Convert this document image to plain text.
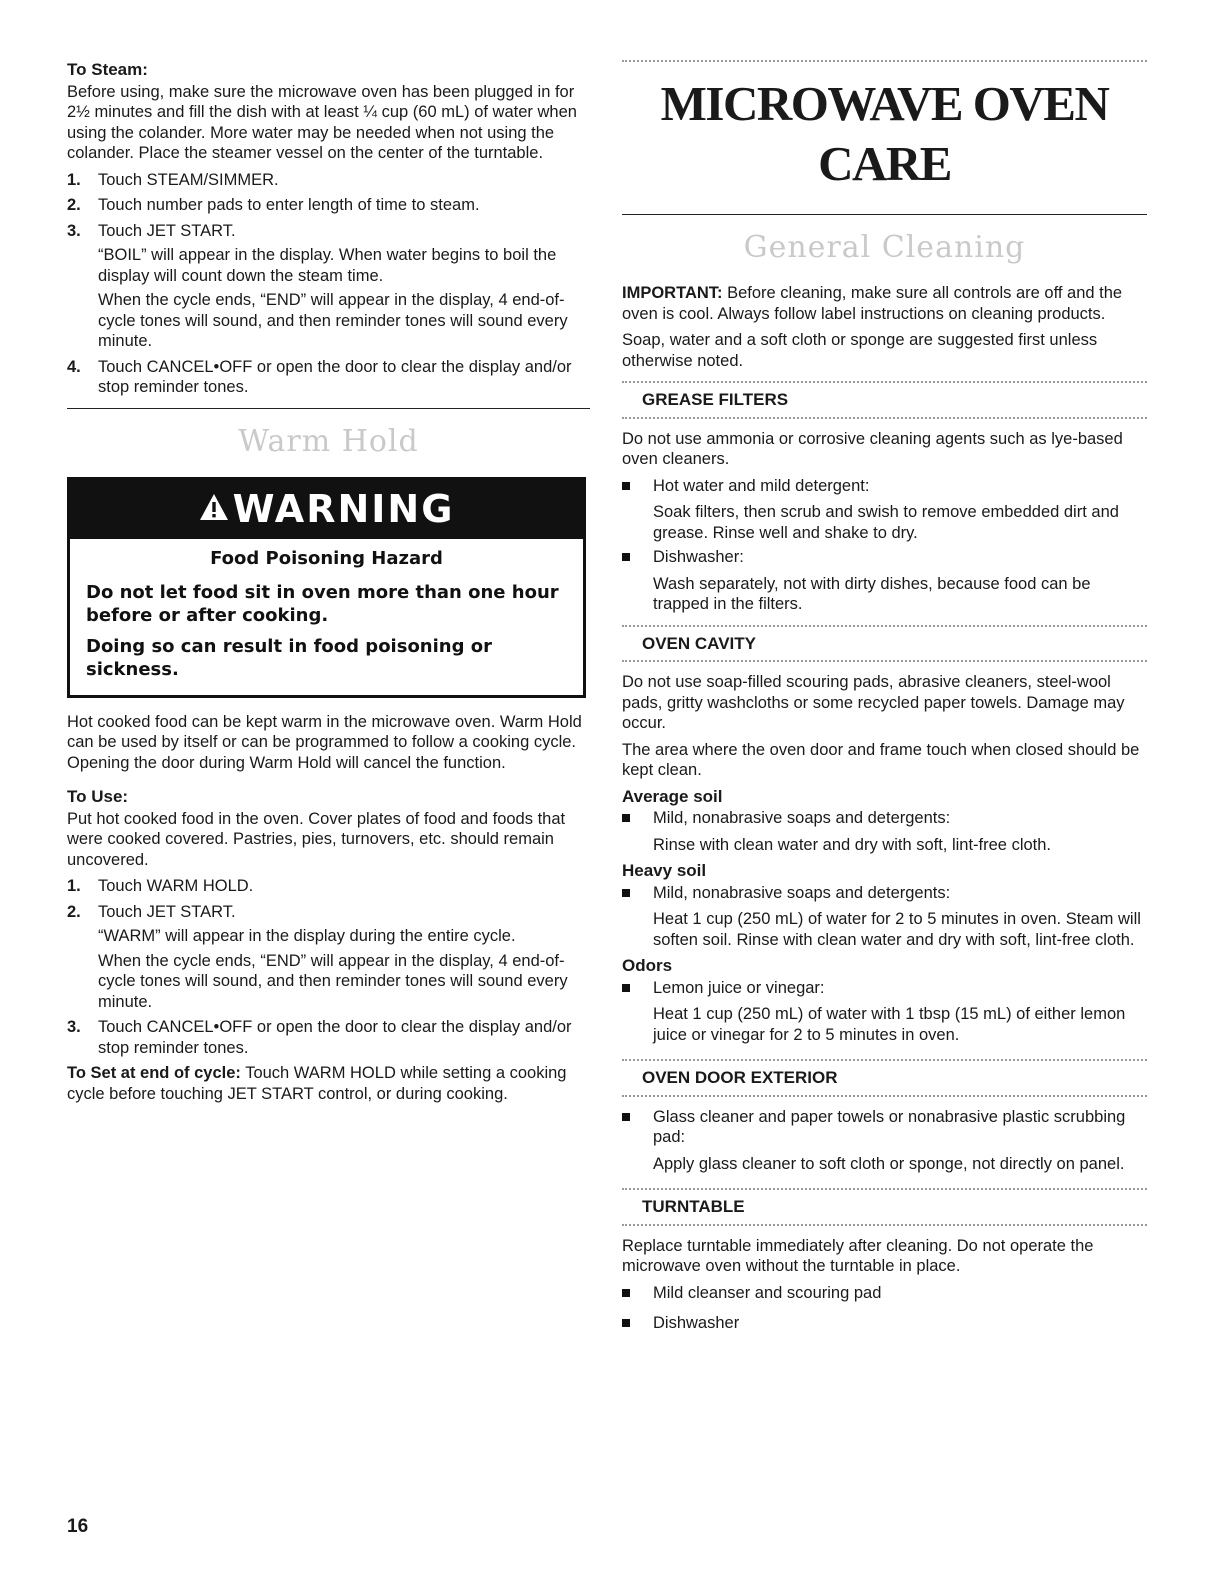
To Steam:

Before using, make sure the microwave oven has been plugged in for 2½ minutes and fill the dish with at least ¼ cup (60 mL) of water when using the colander. More water may be needed when not using the colander. Place the steamer vessel on the center of the turntable.

1.	Touch STEAM/SIMMER.
2.	Touch number pads to enter length of time to steam.
3.	Touch JET START.

“BOIL” will appear in the display. When water begins to boil the display will count down the steam time.

When the cycle ends, “END” will appear in the display, 4 end-of-cycle tones will sound, and then reminder tones will sound every minute.

4.	Touch CANCEL•OFF or open the door to clear the display and/or stop reminder tones.
Warm Hold
WARNING
Food Poisoning Hazard
Do not let food sit in oven more than one hour before or after cooking.
Doing so can result in food poisoning or sickness.

Hot cooked food can be kept warm in the microwave oven. Warm Hold can be used by itself or can be programmed to follow a cooking cycle. Opening the door during Warm Hold will cancel the function.

To Use:

Put hot cooked food in the oven. Cover plates of food and foods that were cooked covered. Pastries, pies, turnovers, etc. should remain uncovered.

1.	Touch WARM HOLD.
2.	Touch JET START.

“WARM” will appear in the display during the entire cycle.

When the cycle ends, “END” will appear in the display, 4 end-of-cycle tones will sound, and then reminder tones will sound every minute.

3.	Touch CANCEL•OFF or open the door to clear the display and/or stop reminder tones.

To Set at end of cycle: Touch WARM HOLD while setting a cooking cycle before touching JET START control, or during cooking.

MICROWAVE OVEN CARE
General Cleaning

IMPORTANT: Before cleaning, make sure all controls are off and the oven is cool. Always follow label instructions on cleaning products.

Soap, water and a soft cloth or sponge are suggested first unless otherwise noted.

GREASE FILTERS

Do not use ammonia or corrosive cleaning agents such as lye-based oven cleaners.

Hot water and mild detergent:

Soak filters, then scrub and swish to remove embedded dirt and grease. Rinse well and shake to dry.

Dishwasher:

Wash separately, not with dirty dishes, because food can be trapped in the filters.

OVEN CAVITY

Do not use soap-filled scouring pads, abrasive cleaners, steel-wool pads, gritty washcloths or some recycled paper towels. Damage may occur.

The area where the oven door and frame touch when closed should be kept clean.

Average soil

Mild, nonabrasive soaps and detergents:

Rinse with clean water and dry with soft, lint-free cloth.

Heavy soil

Mild, nonabrasive soaps and detergents:

Heat 1 cup (250 mL) of water for 2 to 5 minutes in oven. Steam will soften soil. Rinse with clean water and dry with soft, lint-free cloth.

Odors

Lemon juice or vinegar:

Heat 1 cup (250 mL) of water with 1 tbsp (15 mL) of either lemon juice or vinegar for 2 to 5 minutes in oven.

OVEN DOOR EXTERIOR

Glass cleaner and paper towels or nonabrasive plastic scrubbing pad:

Apply glass cleaner to soft cloth or sponge, not directly on panel.

TURNTABLE

Replace turntable immediately after cleaning. Do not operate the microwave oven without the turntable in place.

Mild cleanser and scouring pad
Dishwasher
16
